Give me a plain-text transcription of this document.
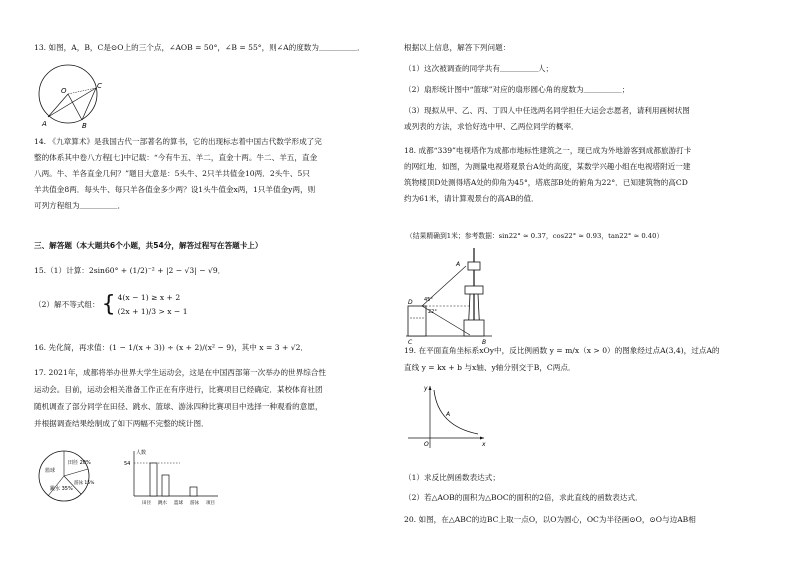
13. 如图，A，B，C是⊙O上的三个点，∠AOB = 50°，∠B = 55°，则∠A的度数为＿＿＿＿＿．

O
C
A	B

14. 《九章算术》是我国古代一部著名的算书，它的出现标志着中国古代数学形成了完

整的体系其中卷八方程[七]中记载：“今有牛五、羊二，直金十两。牛二、羊五，直金

八两。牛、羊各直金几何？”题目大意是：5头牛、2只羊共值金10两．2头牛、5只

羊共值金8两．每头牛、每只羊各值金多少两？设1头牛值金x两，1只羊值金y两，则

可列方程组为＿＿＿＿＿．

三、解答题（本大题共6个小题，共54分，解答过程写在答题卡上）

15.（1）计算：2sin60° + (1/2)⁻² + |2 − √3| − √9．

（2）解不等式组： { 4(x − 1) ≥ x + 2

(2x + 1)/3 > x − 1

16. 先化简，再求值：(1 − 1/(x + 3)) ÷ (x + 2)/(x² − 9)，其中 x = 3 + √2．

17. 2021年，成都将举办世界大学生运动会，这是在中国西部第一次举办的世界综合性

运动会。目前，运动会相关准备工作正在有序进行，比赛项目已经确定．某校体育社团

随机调查了部分同学在田径、跳水、篮球、游泳四种比赛项目中选择一种观看的意愿，

并根据调查结果绘制成了如下两幅不完整的统计图．

篮球
田径 20%
跳水 35%
游泳 15%
人数
54
田径 跳水 篮球 游泳 项目

根据以上信息，解答下列问题：

（1）这次被调查的同学共有＿＿＿＿＿人；

（2）扇形统计图中“篮球”对应的扇形圆心角的度数为＿＿＿＿＿；

（3）现拟从甲、乙、丙、丁四人中任选两名同学担任大运会志愿者，请利用画树状图

或列表的方法，求恰好选中甲、乙两位同学的概率．

18. 成都“339”电视塔作为成都市地标性建筑之一，现已成为外地游客到成都旅游打卡

的网红地．如图，为测量电视塔观景台A处的高度，某数学兴趣小组在电视塔附近一建

筑物楼顶D处测得塔A处的仰角为45°，塔底部B处的俯角为22°．已知建筑物的高CD

约为61米，请计算观景台的高AB的值．

（结果精确到1米；参考数据：sin22° ≈ 0.37，cos22° ≈ 0.93，tan22° ≈ 0.40）

A
D
C	B
45°
22°

19. 在平面直角坐标系xOy中，反比例函数 y = m/x（x > 0）的图象经过点A(3,4)，过点A的

直线 y = kx + b 与x轴、y轴分别交于B，C两点．

y
x
O
A

（1）求反比例函数表达式；

（2）若△AOB的面积为△BOC的面积的2倍，求此直线的函数表达式．

20. 如图，在△ABC的边BC上取一点O，以O为圆心，OC为半径画⊙O，⊙O与边AB相
